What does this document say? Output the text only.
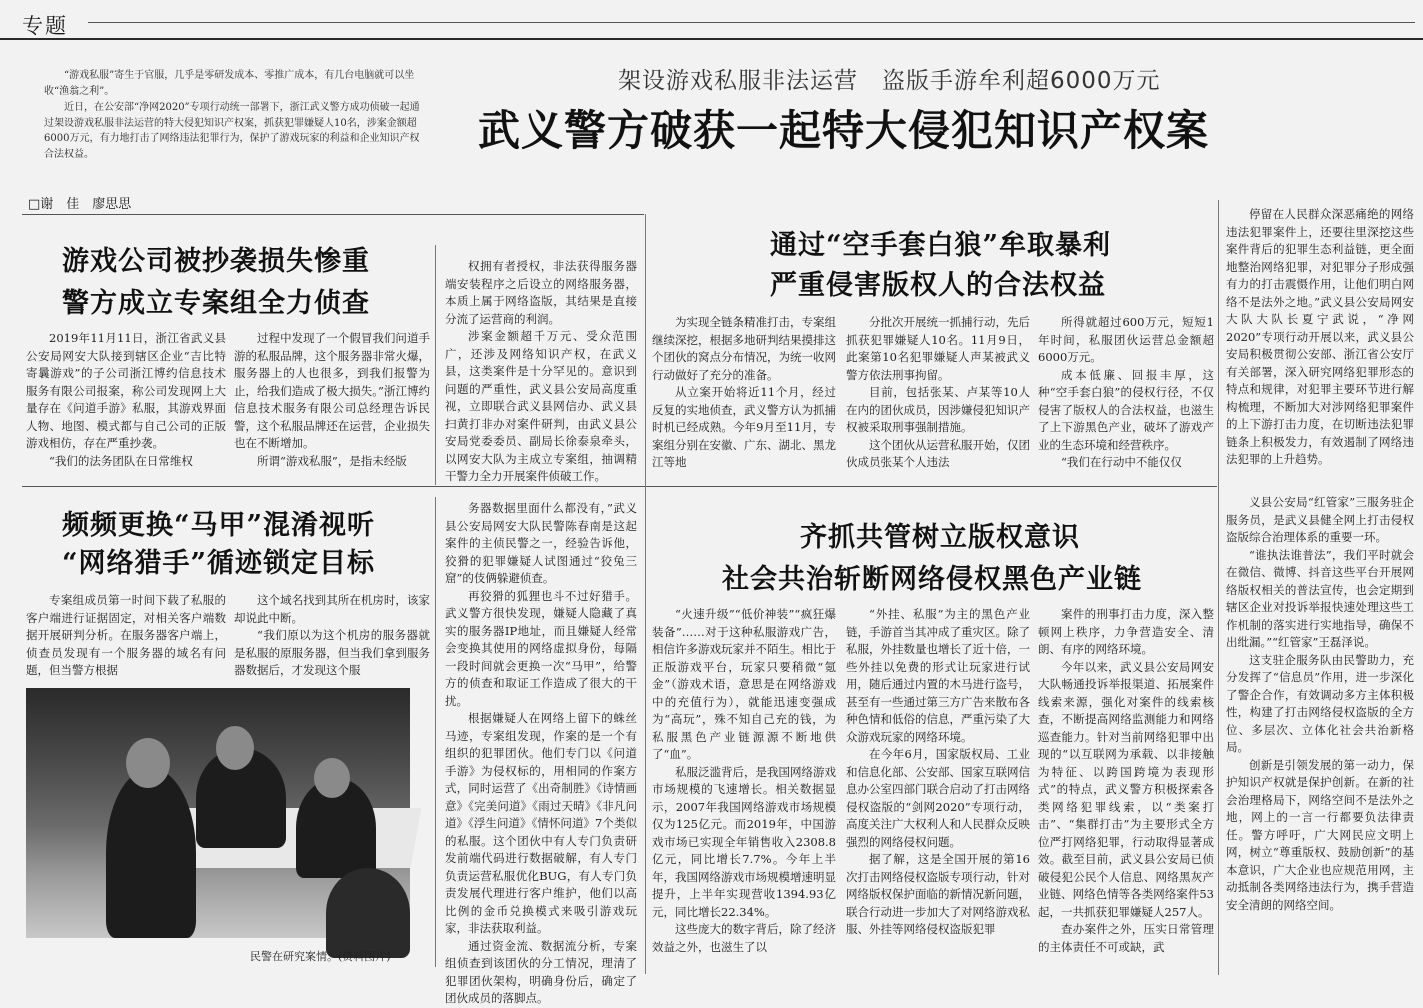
专题

“游戏私服”寄生于官服，几乎是零研发成本、零推广成本，有几台电脑就可以坐收“渔翁之利”。

近日，在公安部“净网2020”专项行动统一部署下，浙江武义警方成功侦破一起通过架设游戏私服非法运营的特大侵犯知识产权案，抓获犯罪嫌疑人10名，涉案金额超6000万元，有力地打击了网络违法犯罪行为，保护了游戏玩家的利益和企业知识产权合法权益。

架设游戏私服非法运营　盗版手游牟利超6000万元
武义警方破获一起特大侵犯知识产权案
□谢　佳　廖思思
游戏公司被抄袭损失惨重
警方成立专案组全力侦查

2019年11月11日，浙江省武义县公安局网安大队接到辖区企业“吉比特寄曩游戏”的子公司浙江博约信息技术服务有限公司报案，称公司发现网上大量存在《问道手游》私服，其游戏界面人物、地图、模式都与自己公司的正版游戏相仿，存在严重抄袭。

“我们的法务团队在日常维权

过程中发现了一个假冒我们问道手游的私服品牌，这个服务器非常火爆，服务器上的人也很多，到我们报警为止，给我们造成了极大损失。”浙江博约信息技术服务有限公司总经理告诉民警，这个私服品牌还在运营，企业损失也在不断增加。

所谓“游戏私服”，是指未经版

权拥有者授权，非法获得服务器端安装程序之后设立的网络服务器，本质上属于网络盗版，其结果是直接分流了运营商的利润。

涉案金额超千万元、受众范围广，还涉及网络知识产权，在武义县，这类案件是十分罕见的。意识到问题的严重性，武义县公安局高度重视，立即联合武义县网信办、武义县扫黄打非办对案件研判，由武义县公安局党委委员、副局长徐泰泉牵头，以网安大队为主成立专案组，抽调精干警力全力开展案件侦破工作。

频频更换“马甲”混淆视听
“网络猎手”循迹锁定目标

专案组成员第一时间下载了私服的客户端进行证据固定，对相关客户端数据开展研判分析。在服务器客户端上，侦查员发现有一个服务器的域名有问题，但当警方根据

这个域名找到其所在机房时，该家却说此中断。

“我们原以为这个机房的服务器就是私服的原服务器，但当我们拿到服务器数据后，才发现这个服

务器数据里面什么都没有，”武义县公安局网安大队民警陈春南是这起案件的主侦民警之一，经验告诉他，狡猾的犯罪嫌疑人试图通过“狡兔三窟”的伎俩躲避侦查。

再狡猾的狐狸也斗不过好猎手。武义警方很快发现，嫌疑人隐藏了真实的服务器IP地址，而且嫌疑人经常会变换其使用的网络虚拟身份，每隔一段时间就会更换一次“马甲”，给警方的侦查和取证工作造成了很大的干扰。

根据嫌疑人在网络上留下的蛛丝马迹，专案组发现，作案的是一个有组织的犯罪团伙。他们专门以《问道手游》为侵权标的，用相同的作案方式，同时运营了《出奇制胜》《诗情画意》《完美问道》《雨过天晴》《非凡问道》《浮生问道》《情怀问道》7个类似的私服。这个团伙中有人专门负责研发前端代码进行数据破解，有人专门负责运营私服优化BUG，有人专门负责发展代理进行客户维护，他们以高比例的金币兑换模式来吸引游戏玩家，非法获取利益。

通过资金流、数据流分析，专案组侦查到该团伙的分工情况，理清了犯罪团伙架构，明确身份后，确定了团伙成员的落脚点。

民警在研究案情。(资料图片)
通过“空手套白狼”牟取暴利
严重侵害版权人的合法权益

为实现全链条精准打击，专案组继续深挖，根据多地研判结果摸排这个团伙的窝点分布情况，为统一收网行动做好了充分的准备。

从立案开始将近11个月，经过反复的实地侦查，武义警方认为抓捕时机已经成熟。今年9月至11月，专案组分别在安徽、广东、湖北、黑龙江等地

分批次开展统一抓捕行动，先后抓获犯罪嫌疑人10名。11月9日，此案第10名犯罪嫌疑人声某被武义警方依法刑事拘留。

目前，包括张某、卢某等10人在内的团伙成员，因涉嫌侵犯知识产权被采取刑事强制措施。

这个团伙从运营私服开始，仅团伙成员张某个人违法

所得就超过600万元，短短1年时间，私服团伙运营总金额超6000万元。

成本低廉、回报丰厚，这种“空手套白狼”的侵权行径，不仅侵害了版权人的合法权益，也滋生了上下游黑色产业，破坏了游戏产业的生态环境和经营秩序。

“我们在行动中不能仅仅

停留在人民群众深恶痛绝的网络违法犯罪案件上，还要往里深挖这些案件背后的犯罪生态利益链，更全面地整治网络犯罪，对犯罪分子形成强有力的打击震慑作用，让他们明白网络不是法外之地。”武义县公安局网安大队大队长夏宁武说，“净网2020”专项行动开展以来，武义县公安局积极贯彻公安部、浙江省公安厅有关部署，深入研究网络犯罪形态的特点和规律，对犯罪主要环节进行解构梳理，不断加大对涉网络犯罪案件的上下游打击力度，在切断违法犯罪链条上积极发力，有效遏制了网络违法犯罪的上升趋势。

齐抓共管树立版权意识
社会共治斩断网络侵权黑色产业链

“火速升级”“低价神装”“疯狂爆装备”……对于这种私服游戏广告，相信许多游戏玩家并不陌生。相比于正版游戏平台，玩家只要稍微“氪金”（游戏术语，意思是在网络游戏中的充值行为），就能迅速变强成为“高玩”，殊不知自己充的钱，为私服黑色产业链源源不断地供了“血”。

私服泛滥背后，是我国网络游戏市场规模的飞速增长。相关数据显示，2007年我国网络游戏市场规模仅为125亿元。而2019年，中国游戏市场已实现全年销售收入2308.8亿元，同比增长7.7%。今年上半年，我国网络游戏市场规模增速明显提升，上半年实现营收1394.93亿元，同比增长22.34%。

这些庞大的数字背后，除了经济效益之外，也滋生了以

“外挂、私服”为主的黑色产业链，手游首当其冲成了重灾区。除了私服，外挂数量也增长了近十倍，一些外挂以免费的形式让玩家进行试用，随后通过内置的木马进行盗号，甚至有一些通过第三方广告来散布各种色情和低俗的信息，严重污染了大众游戏玩家的网络环境。

在今年6月，国家版权局、工业和信息化部、公安部、国家互联网信息办公室四部门联合启动了打击网络侵权盗版的“剑网2020”专项行动，高度关注广大权利人和人民群众反映强烈的网络侵权问题。

据了解，这是全国开展的第16次打击网络侵权盗版专项行动，针对网络版权保护面临的新情况新问题，联合行动进一步加大了对网络游戏私服、外挂等网络侵权盗版犯罪

案件的刑事打击力度，深入整顿网上秩序，力争营造安全、清朗、有序的网络环境。

今年以来，武义县公安局网安大队畅通投诉举报渠道、拓展案件线索来源，强化对案件的线索核查，不断提高网络监测能力和网络巡查能力。针对当前网络犯罪中出现的“以互联网为承载、以非接触为特征、以跨国跨境为表现形式”的特点，武义警方积极探索各类网络犯罪线索，以“类案打击”、“集群打击”为主要形式全方位严打网络犯罪，行动取得显著成效。截至目前，武义县公安局已侦破侵犯公民个人信息、网络黑灰产业链、网络色情等各类网络案件53起，一共抓获犯罪嫌疑人257人。

查办案件之外，压实日常管理的主体责任不可或缺，武

义县公安局“红管家”三服务驻企服务员，是武义县健全网上打击侵权盗版综合治理体系的重要一环。

“谁执法谁普法”，我们平时就会在微信、微博、抖音这些平台开展网络版权相关的普法宣传，也会定期到辖区企业对投诉举报快速处理这些工作机制的落实进行实地指导，确保不出纰漏。”“红管家”王磊泽说。

这支驻企服务队由民警助力，充分发挥了“信息员”作用，进一步深化了警企合作，有效调动多方主体积极性，构建了打击网络侵权盗版的全方位、多层次、立体化社会共治新格局。

创新是引领发展的第一动力，保护知识产权就是保护创新。在新的社会治理格局下，网络空间不是法外之地，网上的一言一行都要负法律责任。警方呼吁，广大网民应文明上网，树立“尊重版权、鼓励创新”的基本意识，广大企业也应规范用网，主动抵制各类网络违法行为，携手营造安全清朗的网络空间。
